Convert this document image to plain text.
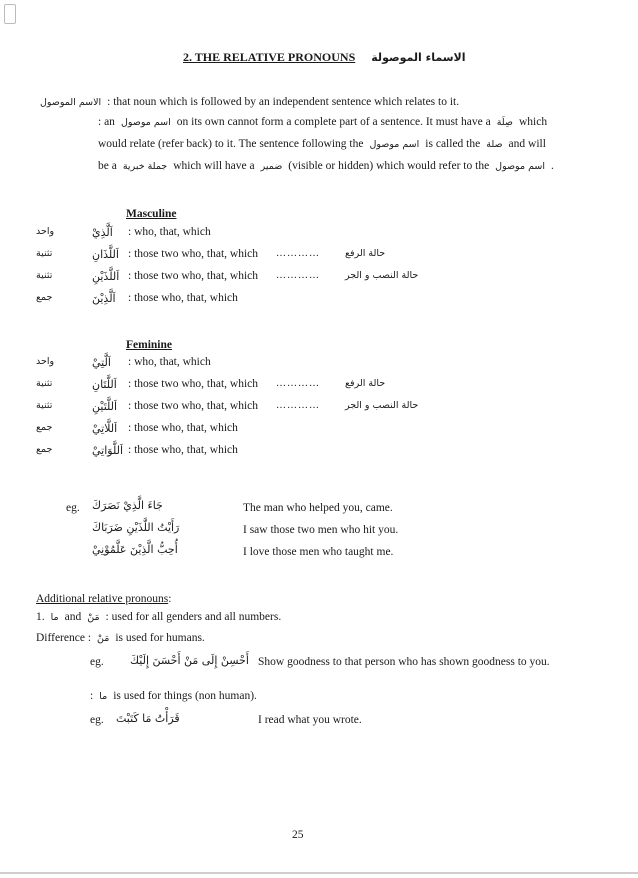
2. THE RELATIVE PRONOUNS الاسماء الموصولة
الاسم الموصول : that noun which is followed by an independent sentence which relates to it.
: an اسم موصول on its own cannot form a complete part of a sentence. It must have a صِلَة which
would relate (refer back) to it. The sentence following the اسم موصول is called the صلة and will
be a جملة خبرية which will have a ضمير (visible or hidden) which would refer to the اسم موصول .
Masculine
واحد	اَلَّذِيْ : who, that, which
تثنية	اَللَّذَانِ : those two who, that, which …………	حالة الرفع
تثنية	اَللَّذَيْنِ : those two who, that, which …………	حالة النصب و الجر
جمع	اَلَّذِيْنَ : those who, that, which
Feminine
واحد	اَلَّتِيْ : who, that, which
تثنية	اَللَّتَانِ : those two who, that, which …………	حالة الرفع
تثنية	اَللَّتَيْنِ : those two who, that, which …………	حالة النصب و الجر
جمع	اَللَّاتِيْ : those who, that, which
جمع	اَللَّوَاتِيْ : those who, that, which
eg. جَاءَ الَّذِيْ نَصَرَكَ	The man who helped you, came.
رَأَيْتُ اللَّذَيْنِ ضَرَبَاكَ	I saw those two men who hit you.
أُحِبُّ الَّذِيْنَ عَلَّمُوْنِيْ	I love those men who taught me.
Additional relative pronouns :
1. ما and مَنْ : used for all genders and all numbers.
Difference : مَنْ is used for humans.
eg. أَحْسِنْ إِلَى مَنْ أَحْسَنَ إِلَيْكَ Show goodness to that person who has shown goodness to you.
: ما is used for things (non human).
eg. قَرَأْتُ مَا كَتَبْتَ	I read what you wrote.
25
